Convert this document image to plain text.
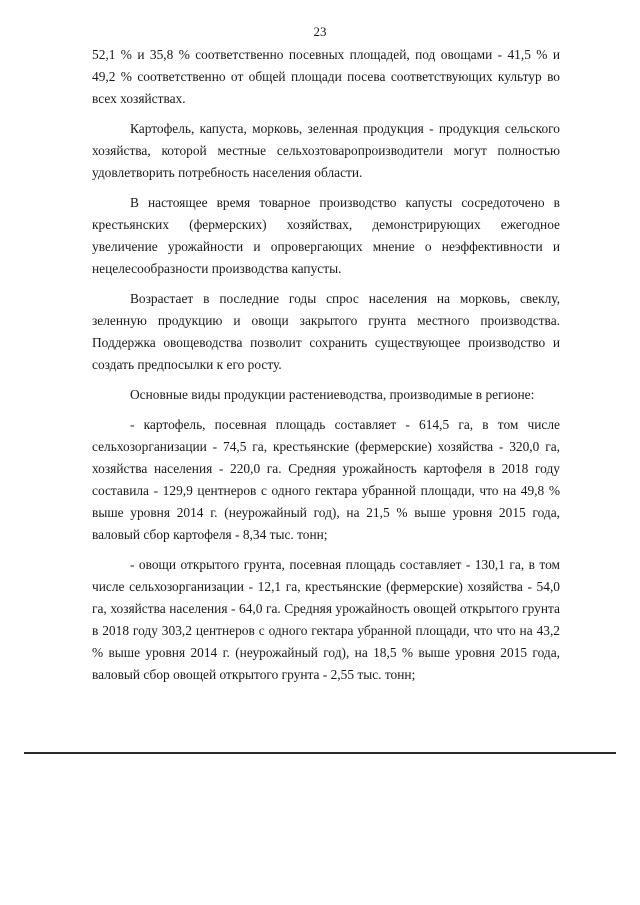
23

52,1 % и 35,8 % соответственно посевных площадей, под овощами - 41,5 % и 49,2 % соответственно от общей площади посева соответствующих культур во всех хозяйствах.

Картофель, капуста, морковь, зеленная продукция - продукция сельского хозяйства, которой местные сельхозтоваропроизводители могут полностью удовлетворить потребность населения области.

В настоящее время товарное производство капусты сосредоточено в крестьянских (фермерских) хозяйствах, демонстрирующих ежегодное увеличение урожайности и опровергающих мнение о неэффективности и нецелесообразности производства капусты.

Возрастает в последние годы спрос населения на морковь, свеклу, зеленную продукцию и овощи закрытого грунта местного производства. Поддержка овощеводства позволит сохранить существующее производство и создать предпосылки к его росту.

Основные виды продукции растениеводства, производимые в регионе:

- картофель, посевная площадь составляет - 614,5 га, в том числе сельхозорганизации - 74,5 га, крестьянские (фермерские) хозяйства - 320,0 га, хозяйства населения - 220,0 га. Средняя урожайность картофеля в 2018 году составила - 129,9 центнеров с одного гектара убранной площади, что на 49,8 % выше уровня 2014 г. (неурожайный год), на 21,5 % выше уровня 2015 года, валовый сбор картофеля - 8,34 тыс. тонн;

- овощи открытого грунта, посевная площадь составляет - 130,1 га, в том числе сельхозорганизации - 12,1 га, крестьянские (фермерские) хозяйства - 54,0 га, хозяйства населения - 64,0 га. Средняя урожайность овощей открытого грунта в 2018 году 303,2 центнеров с одного гектара убранной площади, что что на 43,2 % выше уровня 2014 г. (неурожайный год), на 18,5 % выше уровня 2015 года, валовый сбор овощей открытого грунта - 2,55 тыс. тонн;
